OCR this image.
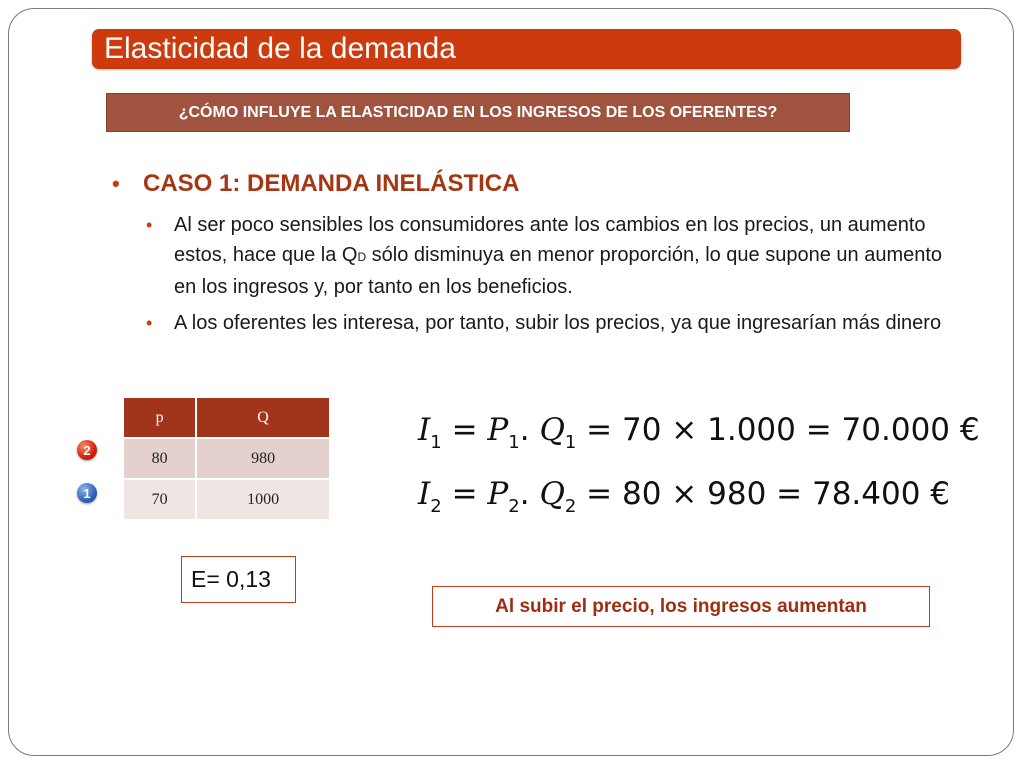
Elasticidad de la demanda
¿CÓMO INFLUYE LA ELASTICIDAD EN LOS INGRESOS DE LOS OFERENTES?
• CASO 1: DEMANDA INELÁSTICA
• Al ser poco sensibles los consumidores ante los cambios en los precios, un aumento estos, hace que la QD sólo disminuya en menor proporción, lo que supone un aumento en los ingresos y, por tanto en los beneficios.
• A los oferentes les interesa, por tanto, subir los precios, ya que ingresarían más dinero
p	Q
80	980
70	1000
2
1
$I_1 = P_1$. $Q_1 = 70 \times 1.000 = 70.000$ €
$I_2 = P_2$. $Q_2 = 80 \times 980 = 78.400$ €
E= 0,13
Al subir el precio, los ingresos aumentan
